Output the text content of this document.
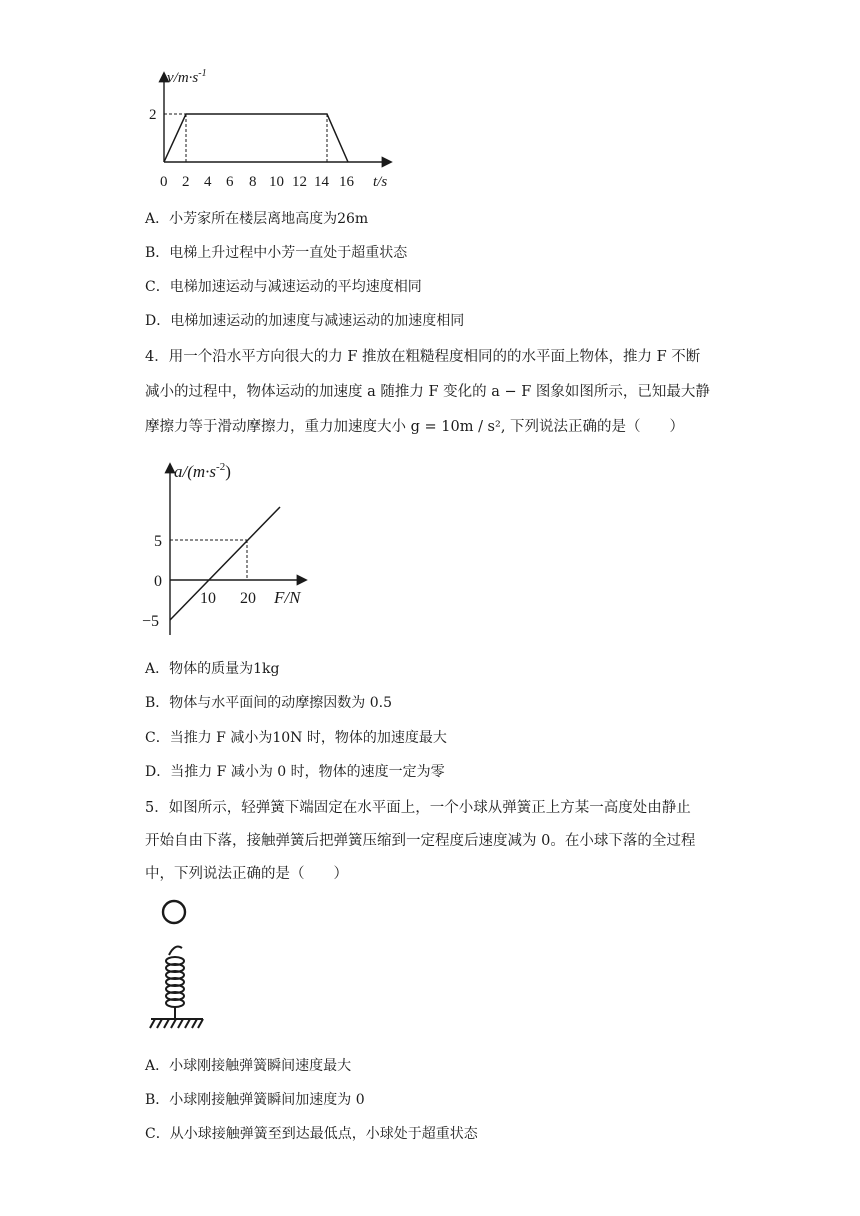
$v/m\cdot s^{-1}$
2
0 2 4 6 8 10 12 14 16 t/s
A．小芳家所在楼层离地高度为26m
B．电梯上升过程中小芳一直处于超重状态
C．电梯加速运动与减速运动的平均速度相同
D．电梯加速运动的加速度与减速运动的加速度相同
4．用一个沿水平方向很大的力 F 推放在粗糙程度相同的的水平面上物体，推力 F 不断
减小的过程中，物体运动的加速度 a 随推力 F 变化的 a − F 图象如图所示，已知最大静
摩擦力等于滑动摩擦力，重力加速度大小 g = 10m / s², 下列说法正确的是（　　）
$a/(m\cdot s^{-2})$
5
0
−5
10 20 F/N
A．物体的质量为1kg
B．物体与水平面间的动摩擦因数为 0.5
C．当推力 F 减小为10N 时，物体的加速度最大
D．当推力 F 减小为 0 时，物体的速度一定为零
5．如图所示，轻弹簧下端固定在水平面上，一个小球从弹簧正上方某一高度处由静止
开始自由下落，接触弹簧后把弹簧压缩到一定程度后速度减为 0。在小球下落的全过程
中，下列说法正确的是（　　）
A．小球刚接触弹簧瞬间速度最大
B．小球刚接触弹簧瞬间加速度为 0
C．从小球接触弹簧至到达最低点，小球处于超重状态
